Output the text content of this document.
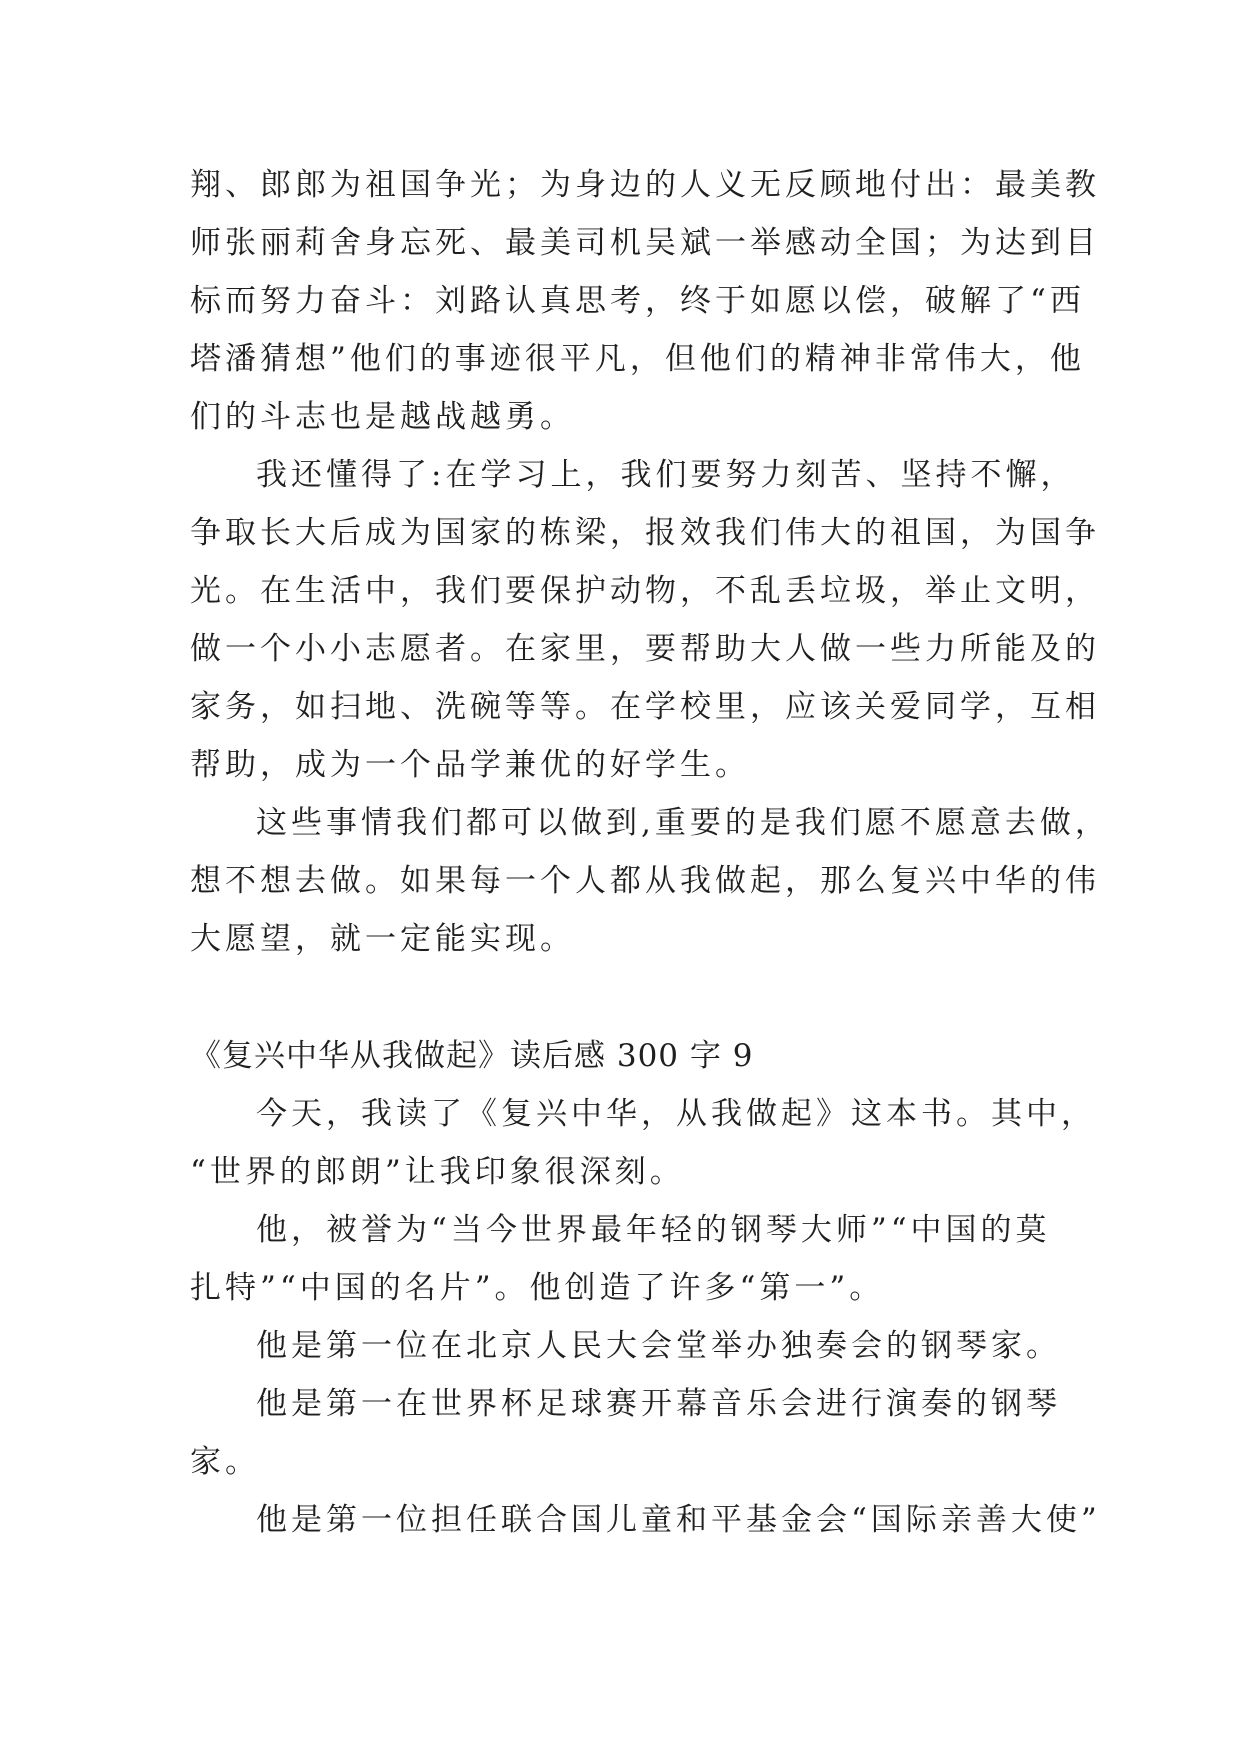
翔、郎郎为祖国争光；为身边的人义无反顾地付出：最美教
师张丽莉舍身忘死、最美司机吴斌一举感动全国；为达到目
标而努力奋斗：刘路认真思考，终于如愿以偿，破解了“西
塔潘猜想”他们的事迹很平凡，但他们的精神非常伟大，他
们的斗志也是越战越勇。
我还懂得了:在学习上，我们要努力刻苦、坚持不懈，
争取长大后成为国家的栋梁，报效我们伟大的祖国，为国争
光。在生活中，我们要保护动物，不乱丢垃圾，举止文明，
做一个小小志愿者。在家里，要帮助大人做一些力所能及的
家务，如扫地、洗碗等等。在学校里，应该关爱同学，互相
帮助，成为一个品学兼优的好学生。
这些事情我们都可以做到,重要的是我们愿不愿意去做，
想不想去做。如果每一个人都从我做起，那么复兴中华的伟
大愿望，就一定能实现。
《复兴中华从我做起》读后感 300 字 9
今天，我读了《复兴中华，从我做起》这本书。其中，
“世界的郎朗”让我印象很深刻。
他，被誉为“当今世界最年轻的钢琴大师”“中国的莫
扎特”“中国的名片”。他创造了许多“第一”。
他是第一位在北京人民大会堂举办独奏会的钢琴家。
他是第一在世界杯足球赛开幕音乐会进行演奏的钢琴
家。
他是第一位担任联合国儿童和平基金会“国际亲善大使”
